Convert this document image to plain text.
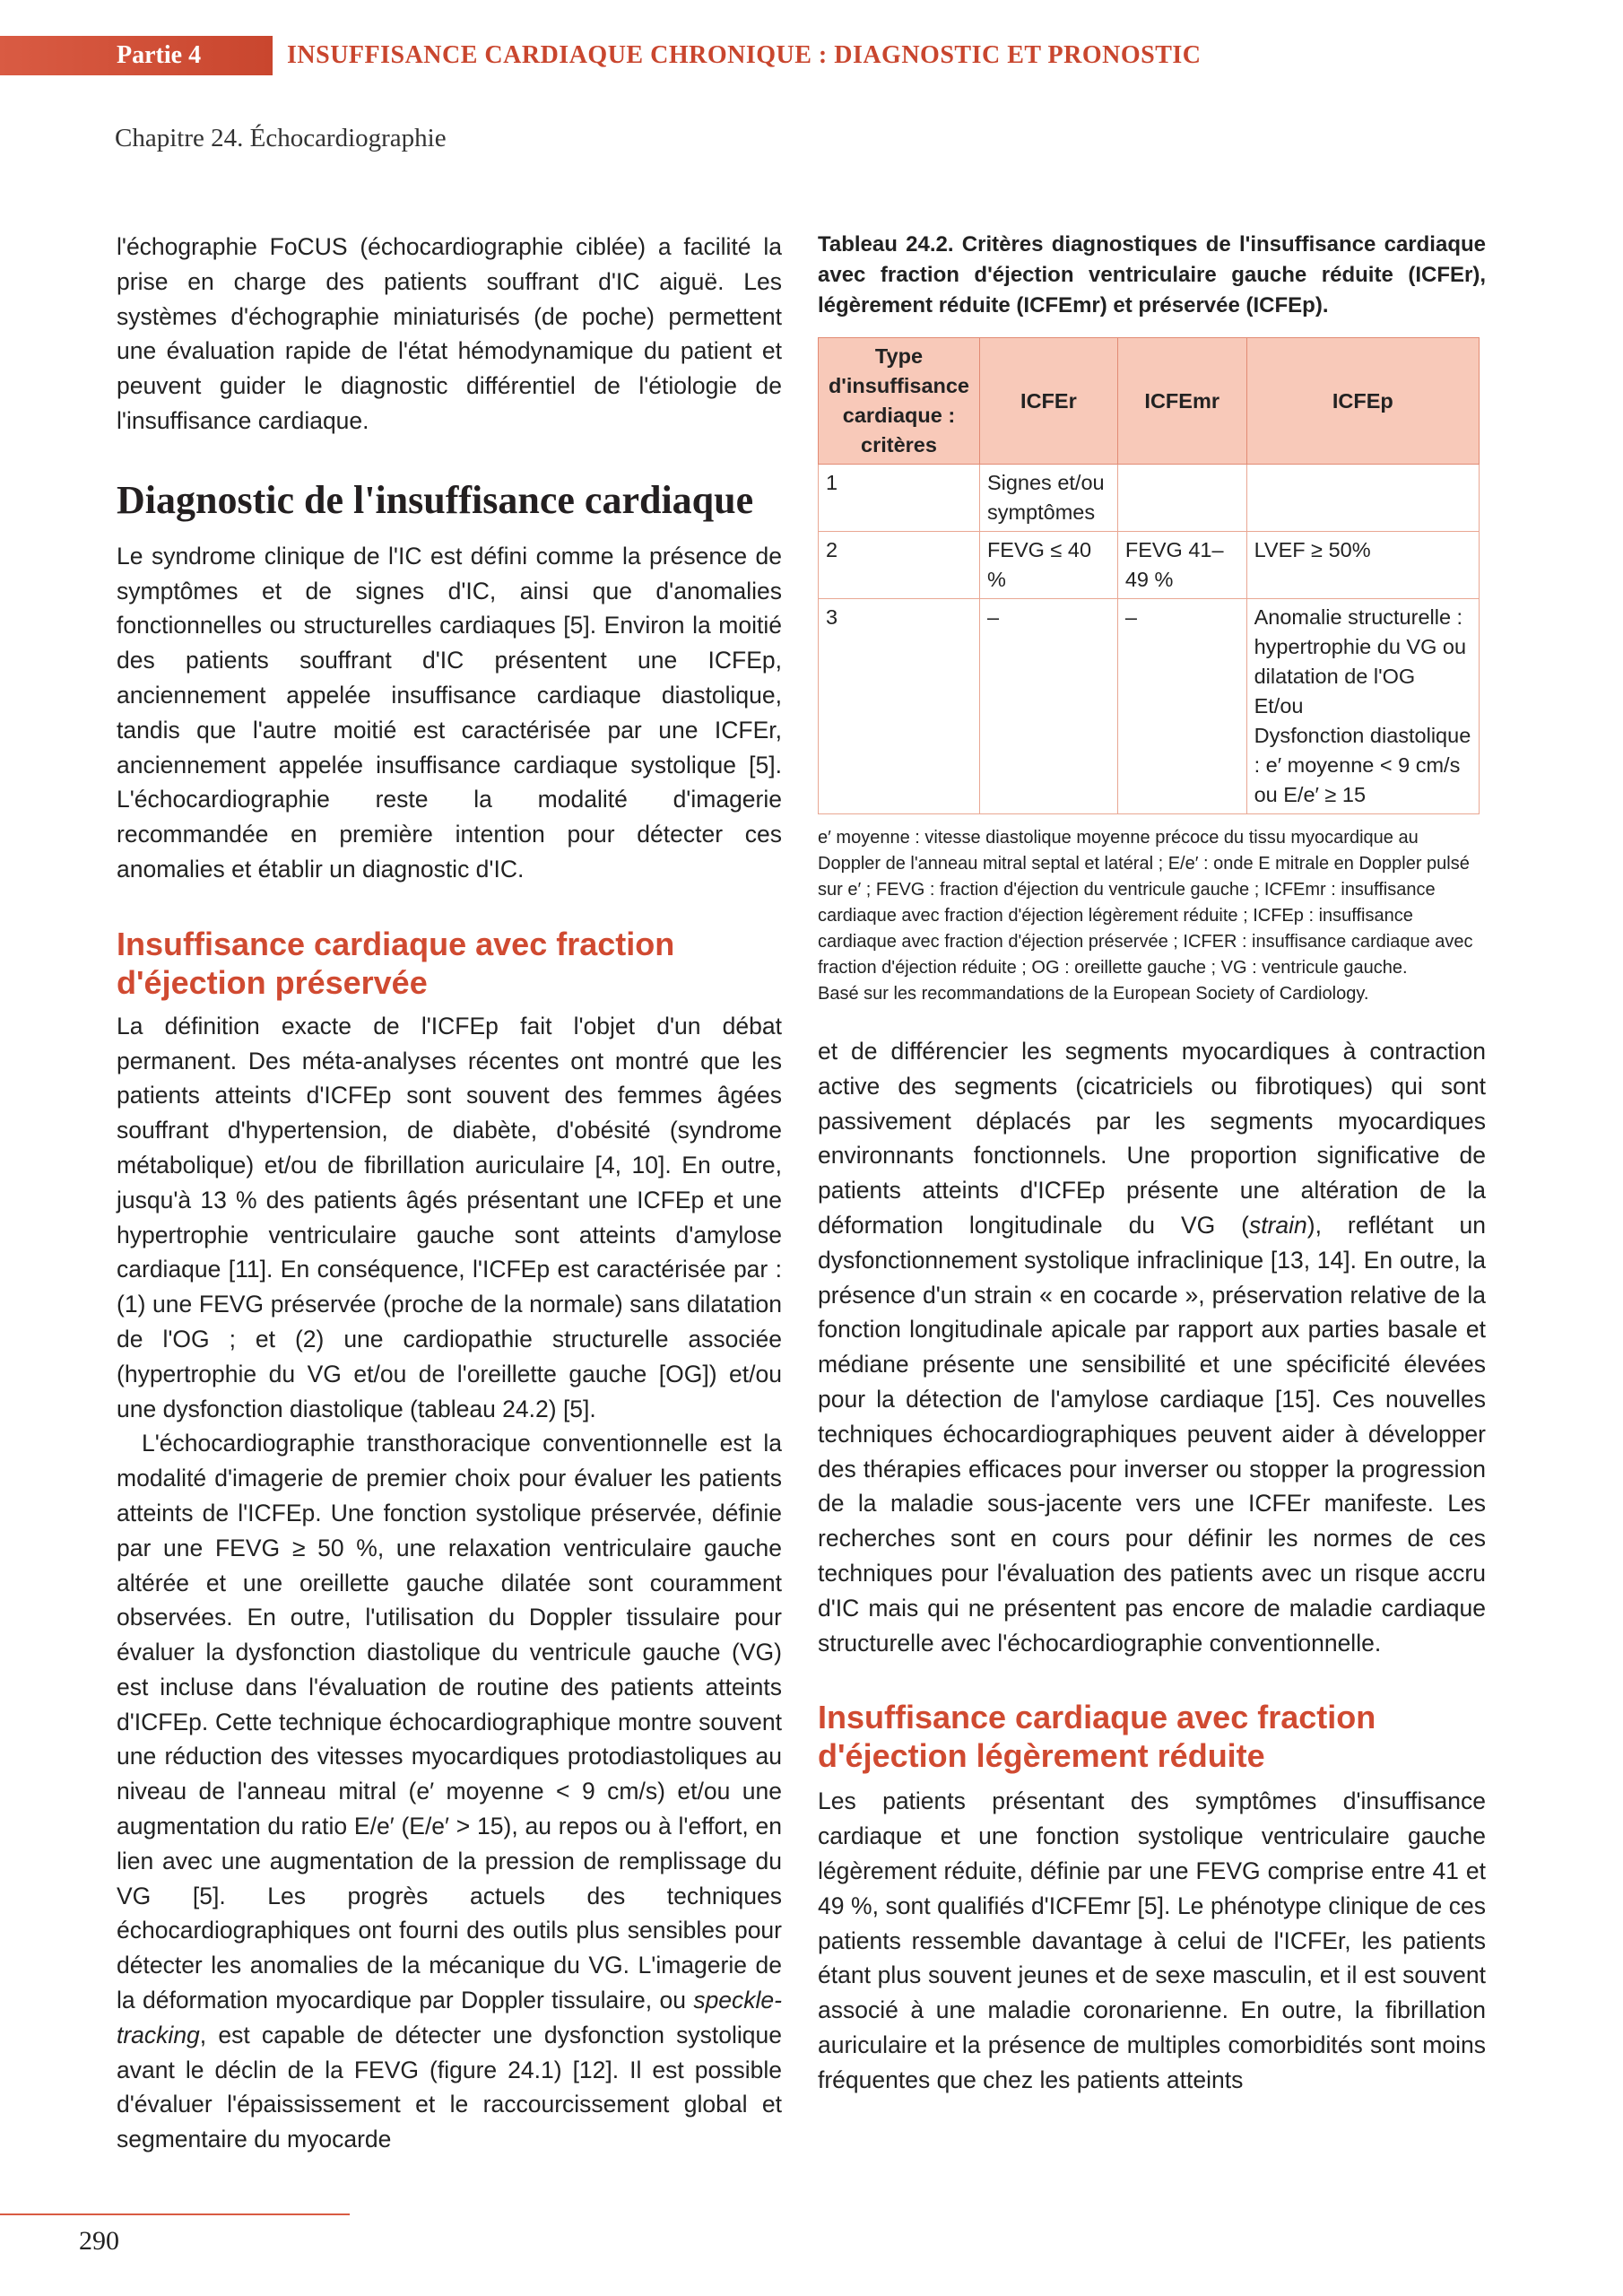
Partie 4	INSUFFISANCE CARDIAQUE CHRONIQUE : DIAGNOSTIC ET PRONOSTIC
Chapitre 24. Échocardiographie

l'échographie FoCUS (échocardiographie ciblée) a facilité la prise en charge des patients souffrant d'IC aiguë. Les systèmes d'échographie miniaturisés (de poche) permettent une évaluation rapide de l'état hémodynamique du patient et peuvent guider le diagnostic différentiel de l'étiologie de l'insuffisance cardiaque.

Diagnostic de l'insuffisance cardiaque

Le syndrome clinique de l'IC est défini comme la présence de symptômes et de signes d'IC, ainsi que d'anomalies fonctionnelles ou structurelles cardiaques [5]. Environ la moitié des patients souffrant d'IC présentent une ICFEp, anciennement appelée insuffisance cardiaque diastolique, tandis que l'autre moitié est caractérisée par une ICFEr, anciennement appelée insuffisance cardiaque systolique [5]. L'échocardiographie reste la modalité d'imagerie recommandée en première intention pour détecter ces anomalies et établir un diagnostic d'IC.

Insuffisance cardiaque avec fraction d'éjection préservée

La définition exacte de l'ICFEp fait l'objet d'un débat permanent. Des méta-analyses récentes ont montré que les patients atteints d'ICFEp sont souvent des femmes âgées souffrant d'hypertension, de diabète, d'obésité (syndrome métabolique) et/ou de fibrillation auriculaire [4, 10]. En outre, jusqu'à 13 % des patients âgés présentant une ICFEp et une hypertrophie ventriculaire gauche sont atteints d'amylose cardiaque [11]. En conséquence, l'ICFEp est caractérisée par : (1) une FEVG préservée (proche de la normale) sans dilatation de l'OG ; et (2) une cardiopathie structurelle associée (hypertrophie du VG et/ou de l'oreillette gauche [OG]) et/ou une dysfonction diastolique (tableau 24.2) [5].

L'échocardiographie transthoracique conventionnelle est la modalité d'imagerie de premier choix pour évaluer les patients atteints de l'ICFEp. Une fonction systolique préservée, définie par une FEVG ≥ 50 %, une relaxation ventriculaire gauche altérée et une oreillette gauche dilatée sont couramment observées. En outre, l'utilisation du Doppler tissulaire pour évaluer la dysfonction diastolique du ventricule gauche (VG) est incluse dans l'évaluation de routine des patients atteints d'ICFEp. Cette technique échocardiographique montre souvent une réduction des vitesses myocardiques protodiastoliques au niveau de l'anneau mitral (e′ moyenne < 9 cm/s) et/ou une augmentation du ratio E/e′ (E/e′ > 15), au repos ou à l'effort, en lien avec une augmentation de la pression de remplissage du VG [5]. Les progrès actuels des techniques échocardiographiques ont fourni des outils plus sensibles pour détecter les anomalies de la mécanique du VG. L'imagerie de la déformation myocardique par Doppler tissulaire, ou speckle-tracking, est capable de détecter une dysfonction systolique avant le déclin de la FEVG (figure 24.1) [12]. Il est possible d'évaluer l'épaississement et le raccourcissement global et segmentaire du myocarde

Tableau 24.2. Critères diagnostiques de l'insuffisance cardiaque avec fraction d'éjection ventriculaire gauche réduite (ICFEr), légèrement réduite (ICFEmr) et préservée (ICFEp).

Type d'insuffisance cardiaque : critères	ICFEr	ICFEmr	ICFEp
1	Signes et/ou symptômes		
2	FEVG ≤ 40 %	FEVG 41–49 %	LVEF ≥ 50%
3	–	–	Anomalie structurelle : hypertrophie du VG ou dilatation de l'OG
Et/ou
Dysfonction diastolique : e′ moyenne < 9 cm/s ou E/e′ ≥ 15

e′ moyenne : vitesse diastolique moyenne précoce du tissu myocardique au Doppler de l'anneau mitral septal et latéral ; E/e′ : onde E mitrale en Doppler pulsé sur e′ ; FEVG : fraction d'éjection du ventricule gauche ; ICFEmr : insuffisance cardiaque avec fraction d'éjection légèrement réduite ; ICFEp : insuffisance cardiaque avec fraction d'éjection préservée ; ICFER : insuffisance cardiaque avec fraction d'éjection réduite ; OG : oreillette gauche ; VG : ventricule gauche.

Basé sur les recommandations de la European Society of Cardiology.

et de différencier les segments myocardiques à contraction active des segments (cicatriciels ou fibrotiques) qui sont passivement déplacés par les segments myocardiques environnants fonctionnels. Une proportion significative de patients atteints d'ICFEp présente une altération de la déformation longitudinale du VG (strain), reflétant un dysfonctionnement systolique infraclinique [13, 14]. En outre, la présence d'un strain « en cocarde », préservation relative de la fonction longitudinale apicale par rapport aux parties basale et médiane présente une sensibilité et une spécificité élevées pour la détection de l'amylose cardiaque [15]. Ces nouvelles techniques échocardiographiques peuvent aider à développer des thérapies efficaces pour inverser ou stopper la progression de la maladie sous-jacente vers une ICFEr manifeste. Les recherches sont en cours pour définir les normes de ces techniques pour l'évaluation des patients avec un risque accru d'IC mais qui ne présentent pas encore de maladie cardiaque structurelle avec l'échocardiographie conventionnelle.

Insuffisance cardiaque avec fraction d'éjection légèrement réduite

Les patients présentant des symptômes d'insuffisance cardiaque et une fonction systolique ventriculaire gauche légèrement réduite, définie par une FEVG comprise entre 41 et 49 %, sont qualifiés d'ICFEmr [5]. Le phénotype clinique de ces patients ressemble davantage à celui de l'ICFEr, les patients étant plus souvent jeunes et de sexe masculin, et il est souvent associé à une maladie coronarienne. En outre, la fibrillation auriculaire et la présence de multiples comorbidités sont moins fréquentes que chez les patients atteints

290
